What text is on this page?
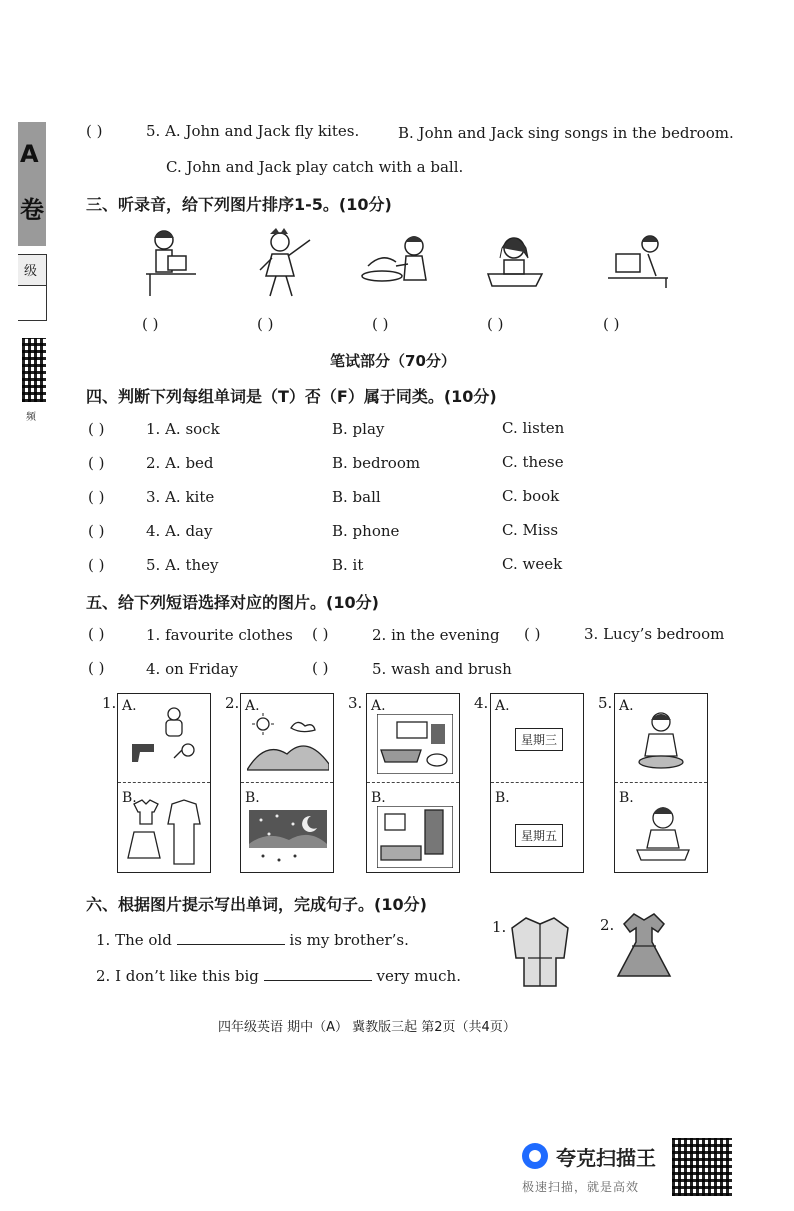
A
卷
级
频
( )	5. A. John and Jack fly kites.	B. John and Jack sing songs in the bedroom.
C. John and Jack play catch with a ball.
三、听录音，给下列图片排序1-5。(10分)
( )	( )	( )	( )	( )
笔试部分（70分）
四、判断下列每组单词是（T）否（F）属于同类。(10分)
( )	1. A. sock	B. play	C. listen
( )	2. A. bed	B. bedroom	C. these
( )	3. A. kite	B. ball	C. book
( )	4. A. day	B. phone	C. Miss
( )	5. A. they	B. it	C. week
五、给下列短语选择对应的图片。(10分)
( )	1. favourite clothes ( )	2. in the evening ( )	3. Lucy’s bedroom
( )	4. on Friday	( )	5. wash and brush
1. A.
B.
2. A.
B.
3. A.
B.
4. A.
星期三
B.
星期五
5. A.
B.
六、根据图片提示写出单词，完成句子。(10分)
1. The old	is my brother’s.
2. I don’t like this big	very much.
1.	2.
四年级英语 期中（A） 冀教版三起 第2页（共4页）
夸克扫描王
极速扫描，就是高效
